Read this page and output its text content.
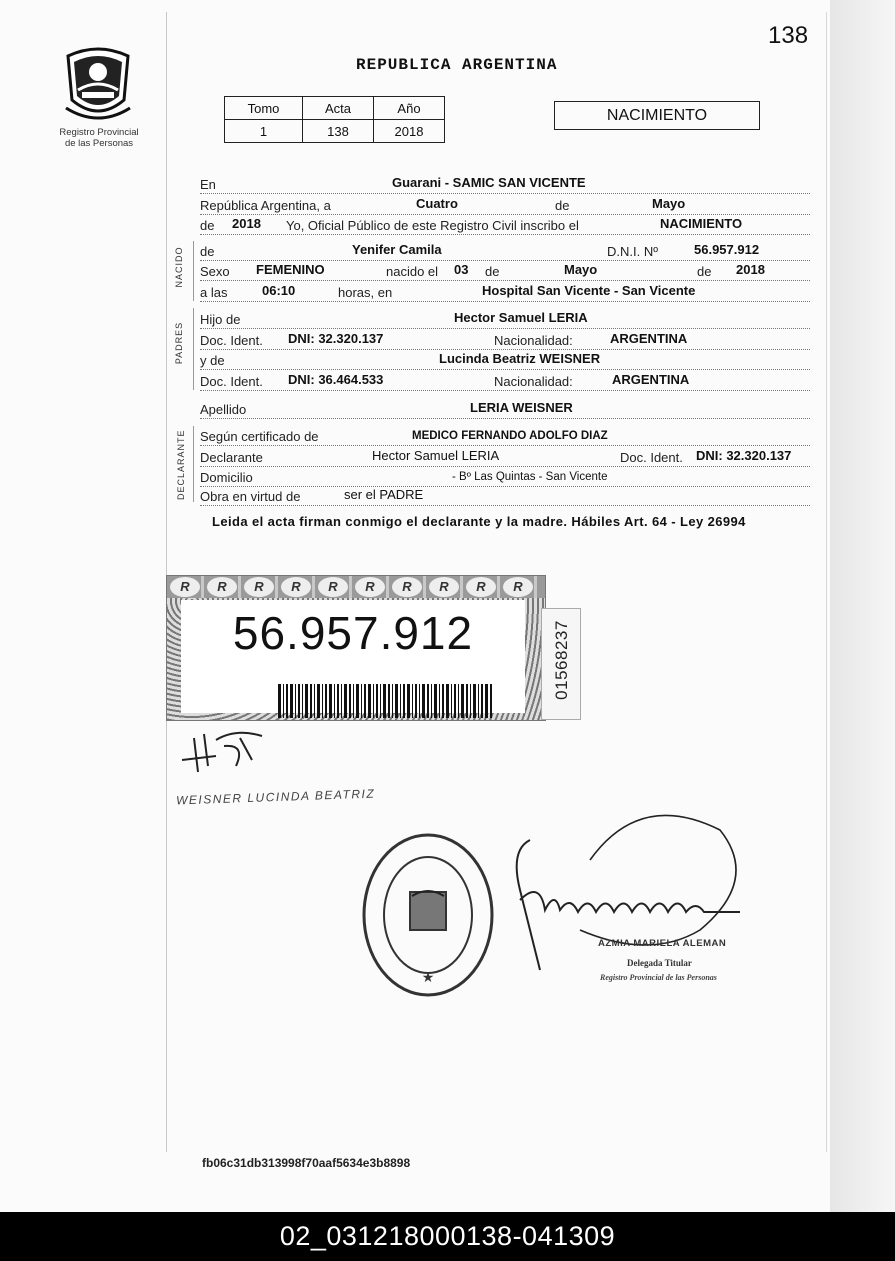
138
Registro Provincial
de las Personas
REPUBLICA ARGENTINA
Tomo	Acta	Año
1	138	2018
NACIMIENTO
En	Guarani - SAMIC SAN VICENTE
República Argentina, a	Cuatro	de	Mayo
de 2018 Yo, Oficial Público de este Registro Civil inscribo el	NACIMIENTO
NACIDO de	Yenifer Camila	D.N.I. Nº	56.957.912
Sexo FEMENINO	nacido el 03 de	Mayo	de 2018
a las	06:10	horas, en	Hospital San Vicente - San Vicente
PADRES
Hijo de	Hector Samuel LERIA
Doc. Ident. DNI: 32.320.137	Nacionalidad:	ARGENTINA
y de	Lucinda Beatriz WEISNER
Doc. Ident. DNI: 36.464.533	Nacionalidad:	ARGENTINA
Apellido	LERIA WEISNER
DECLARANTE Según certificado de	MEDICO FERNANDO ADOLFO DIAZ
Declarante	Hector Samuel LERIA	Doc. Ident. DNI: 32.320.137
Domicilio	- Bº Las Quintas - San Vicente
Obra en virtud de	ser el PADRE
Leida el acta firman conmigo el declarante y la madre. Hábiles Art. 64 - Ley 26994
R	R	R	R	R	R	R	R	R	R
56.957.912	01568237
WEISNER LUCINDA BEATRIZ
★
AZMIA MARIELA ALEMAN
Delegada Titular
Registro Provincial de las Personas
fb06c31db313998f70aaf5634e3b8898
02_031218000138-041309
